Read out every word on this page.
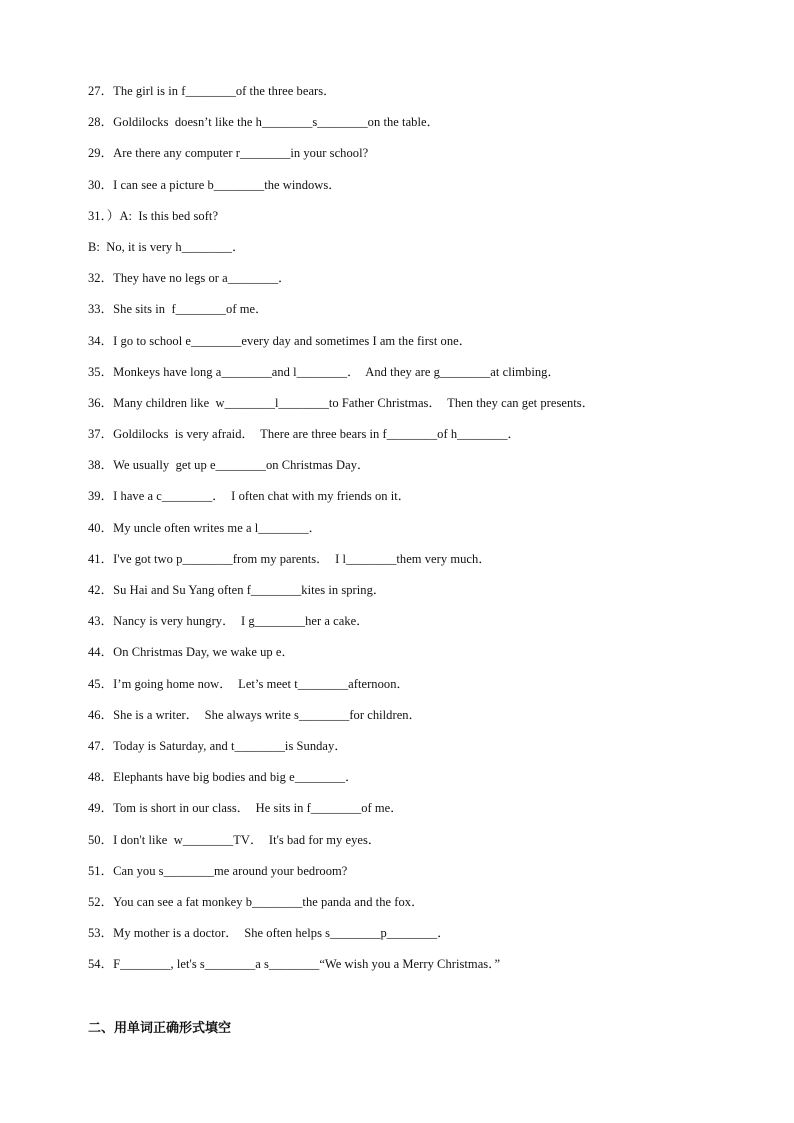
27．The girl is in f________of the three bears．
28．Goldilocks  doesn’t like the h________s________on the table．
29．Are there any computer r________in your school?
30．I can see a picture b________the windows．
31．）A:  Is this bed soft?
B:  No, it is very h________．
32．They have no legs or a________．
33．She sits in  f________of me．
34．I go to school e________every day and sometimes I am the first one．
35．Monkeys have long a________and l________．  And they are g________at climbing．
36．Many children like  w________l________to Father Christmas．  Then they can get presents．
37．Goldilocks  is very afraid．  There are three bears in f________of h________．
38．We usually  get up e________on Christmas Day．
39．I have a c________．  I often chat with my friends on it．
40．My uncle often writes me a l________．
41．I've got two p________from my parents．  I l________them very much．
42．Su Hai and Su Yang often f________kites in spring．
43．Nancy is very hungry．  I g________her a cake．
44．On Christmas Day, we wake up e．
45．I’m going home now．  Let’s meet t________afternoon．
46．She is a writer．  She always write s________for children．
47．Today is Saturday, and t________is Sunday．
48．Elephants have big bodies and big e________．
49．Tom is short in our class．  He sits in f________of me．
50．I don't like  w________TV．  It's bad for my eyes．
51．Can you s________me around your bedroom?
52．You can see a fat monkey b________the panda and the fox．
53．My mother is a doctor．  She often helps s________p________．
54．F________, let's s________a s________“We wish you a Merry Christmas．”
二、用单词正确形式填空
